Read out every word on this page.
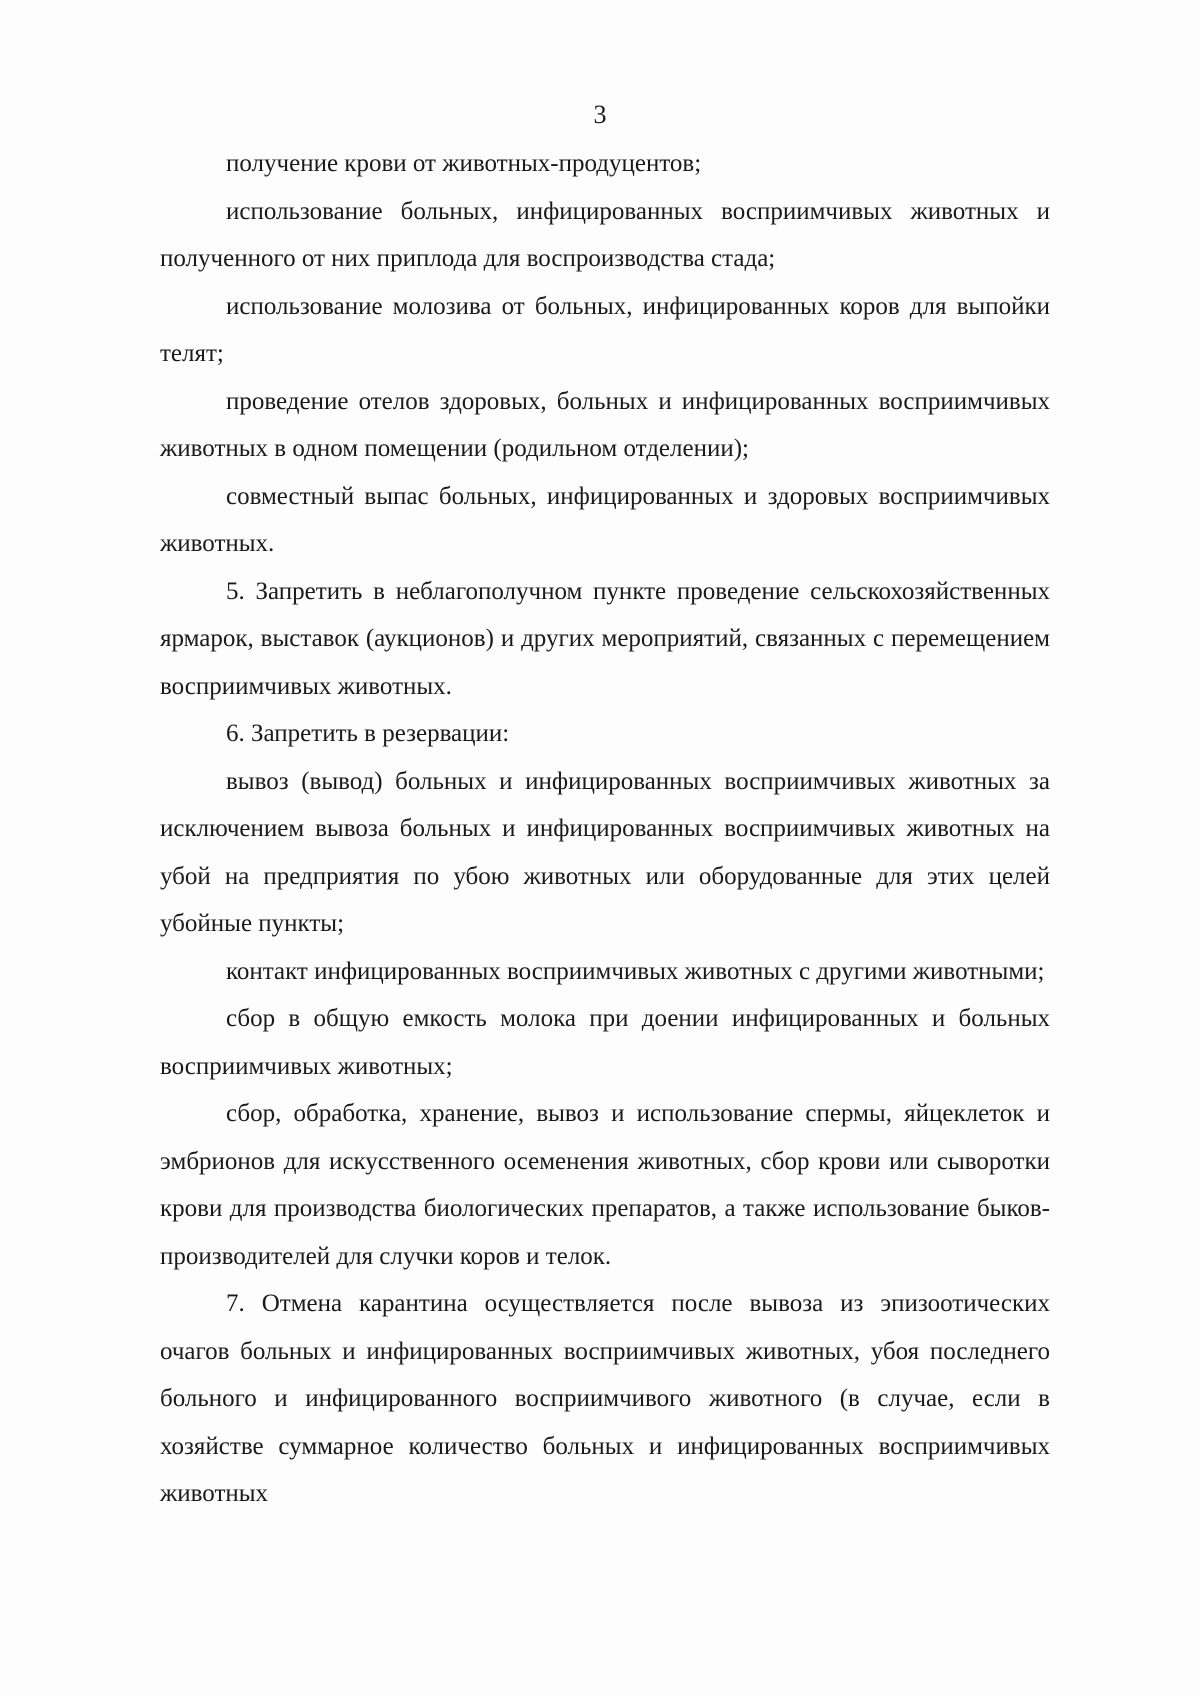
3

получение крови от животных-продуцентов;

использование больных, инфицированных восприимчивых животных и полученного от них приплода для воспроизводства стада;

использование молозива от больных, инфицированных коров для выпойки телят;

проведение отелов здоровых, больных и инфицированных восприимчивых животных в одном помещении (родильном отделении);

совместный выпас больных, инфицированных и здоровых восприимчивых животных.

5. Запретить в неблагополучном пункте проведение сельскохозяйственных ярмарок, выставок (аукционов) и других мероприятий, связанных с перемещением восприимчивых животных.

6. Запретить в резервации:

вывоз (вывод) больных и инфицированных восприимчивых животных за исключением вывоза больных и инфицированных восприимчивых животных на убой на предприятия по убою животных или оборудованные для этих целей убойные пункты;

контакт инфицированных восприимчивых животных с другими животными;

сбор в общую емкость молока при доении инфицированных и больных восприимчивых животных;

сбор, обработка, хранение, вывоз и использование спермы, яйцеклеток и эмбрионов для искусственного осеменения животных, сбор крови или сыворотки крови для производства биологических препаратов, а также использование быков-производителей для случки коров и телок.

7. Отмена карантина осуществляется после вывоза из эпизоотических очагов больных и инфицированных восприимчивых животных, убоя последнего больного и инфицированного восприимчивого животного (в случае, если в хозяйстве суммарное количество больных и инфицированных восприимчивых животных
